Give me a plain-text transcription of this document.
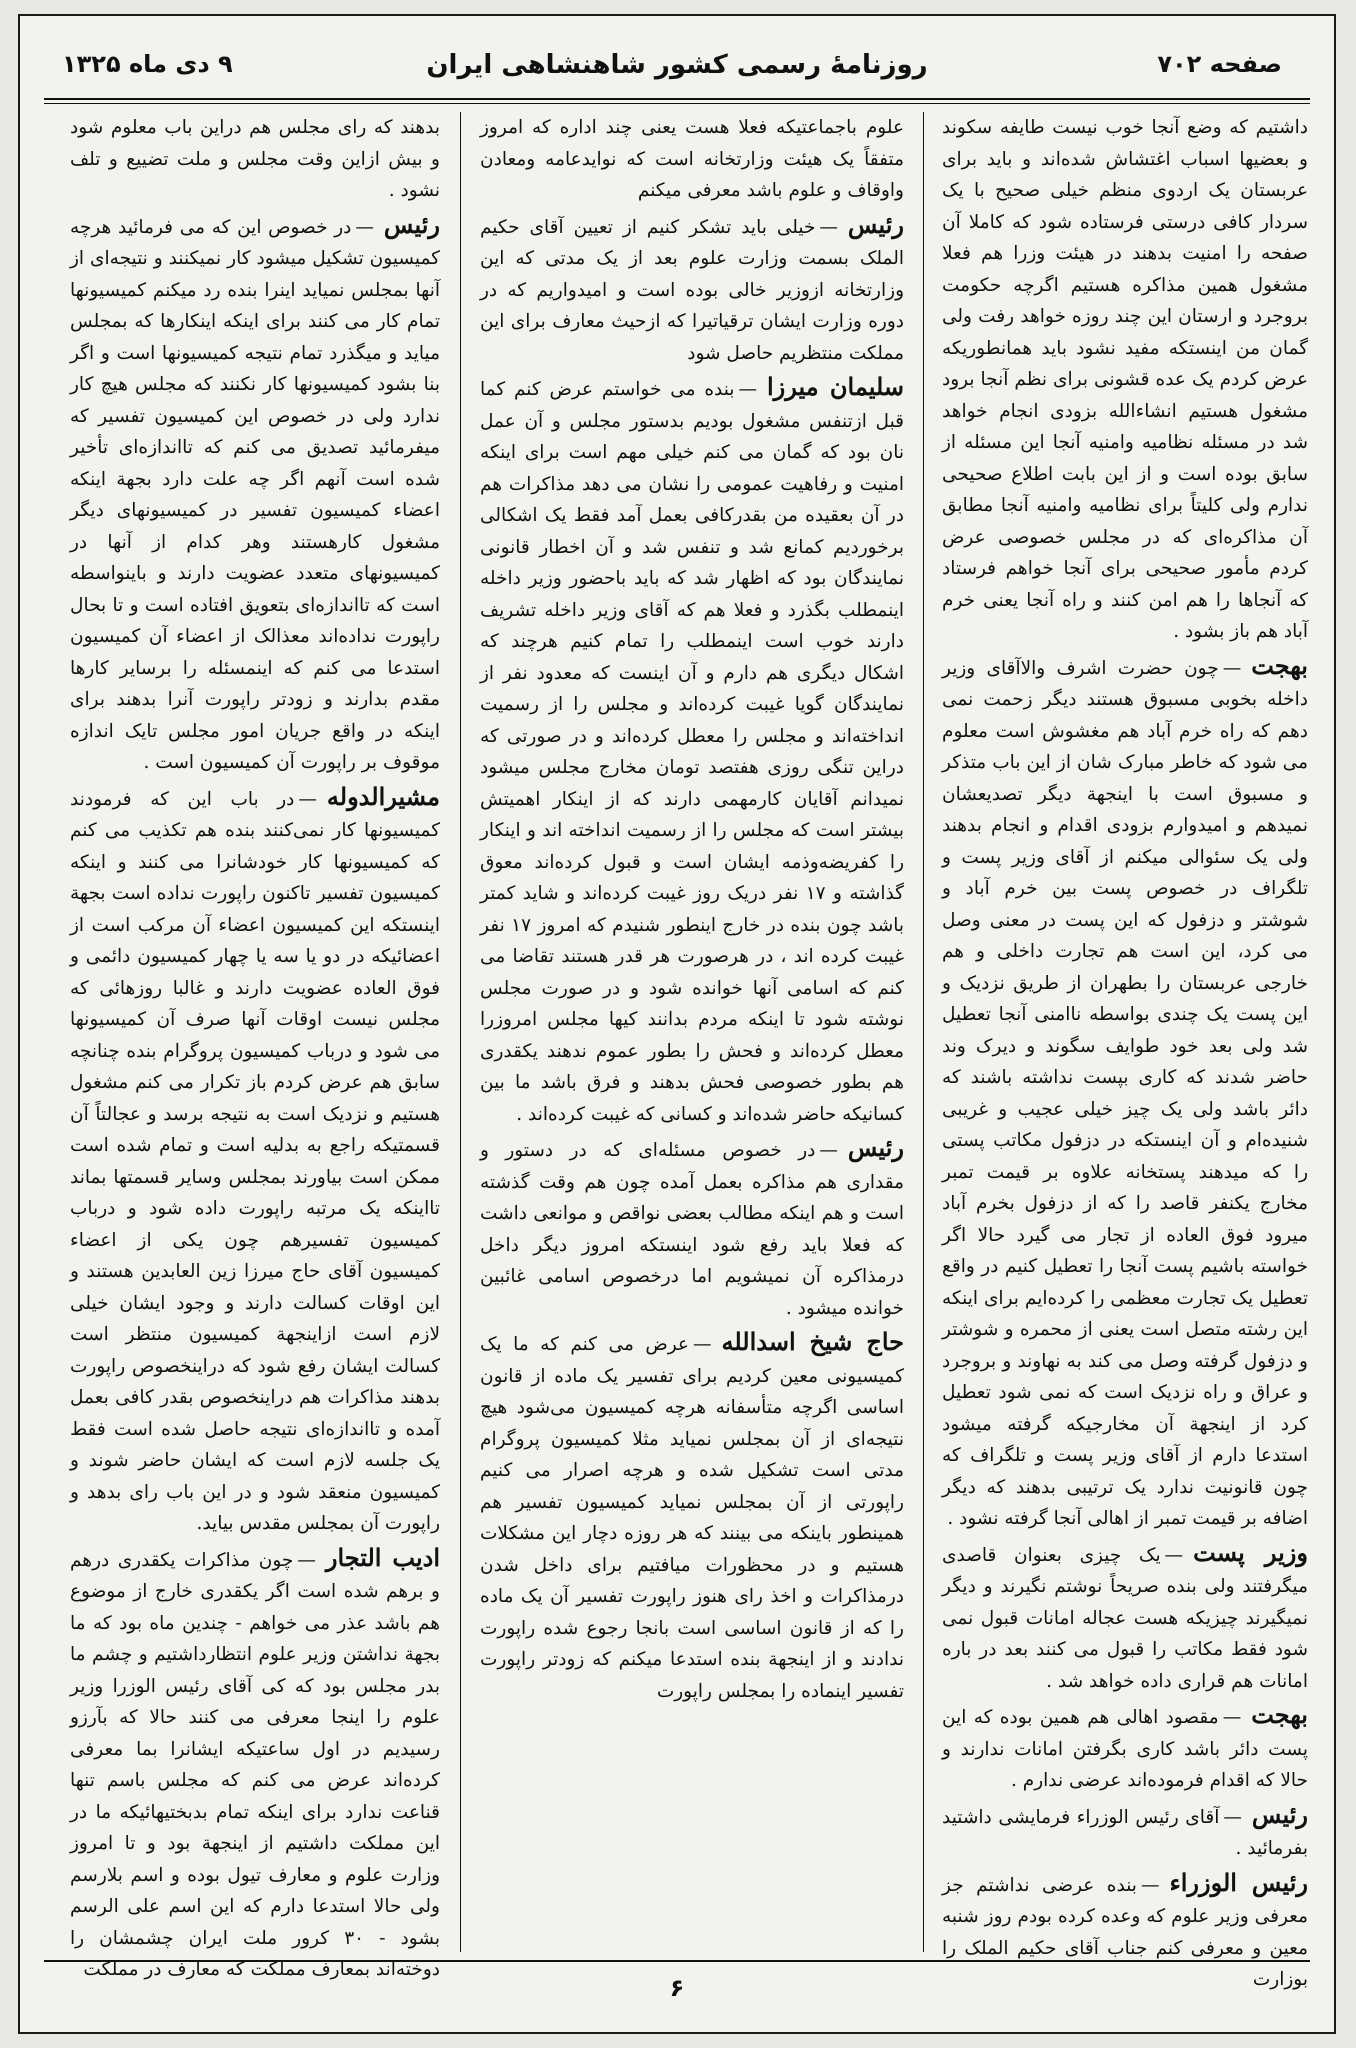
صفحه ۷۰۲
روزنامهٔ رسمی کشور شاهنشاهی ایران
۹ دی ماه ۱۳۲۵

داشتیم که وضع آنجا خوب نیست طایفه سکوند و بعضیها اسباب اغتشاش شده‌اند و باید برای عربستان یک اردوی منظم خیلی صحیح با یک سردار کافی درستی فرستاده شود که کاملا آن صفحه را امنیت بدهند در هیئت وزرا هم فعلا مشغول همین مذاکره هستیم اگرچه حکومت بروجرد و ارستان این چند روزه خواهد رفت ولی گمان من اینستکه مفید نشود باید همانطوریکه عرض کردم یک عده قشونی برای نظم آنجا برود مشغول هستیم انشاءالله بزودی انجام خواهد شد در مسئله نظامیه وامنیه آنجا این مسئله از سابق بوده است و از این بابت اطلاع صحیحی ندارم ولی کلیتاً برای نظامیه وامنیه آنجا مطابق آن مذاکره‌ای که در مجلس خصوصی عرض کردم مأمور صحیحی برای آنجا خواهم فرستاد که آنجاها را هم امن کنند و راه آنجا یعنی خرم آباد هم باز بشود .

بهجت—چون حضرت اشرف والاآقای وزیر داخله بخوبی مسبوق هستند دیگر زحمت نمی دهم که راه خرم آباد هم مغشوش است معلوم می شود که خاطر مبارک شان از این باب متذکر و مسبوق است با اینجهة دیگر تصدیعشان نمیدهم و امیدوارم بزودی اقدام و انجام بدهند ولی یک سئوالی میکنم از آقای وزیر پست و تلگراف در خصوص پست بین خرم آباد و شوشتر و دزفول که این پست در معنی وصل می کرد، این است هم تجارت داخلی و هم خارجی عربستان را بطهران از طریق نزدیک و این پست یک چندی بواسطه ناامنی آنجا تعطیل شد ولی بعد خود طوایف سگوند و دیرک وند حاضر شدند که کاری بپست نداشته باشند که دائر باشد ولی یک چیز خیلی عجیب و غریبی شنیده‌ام و آن اینستکه در دزفول مکاتب پستی را که میدهند پستخانه علاوه بر قیمت تمبر مخارج یکنفر قاصد را که از دزفول بخرم آباد میرود فوق العاده از تجار می گیرد حالا اگر خواسته باشیم پست آنجا را تعطیل کنیم در واقع تعطیل یک تجارت معظمی را کرده‌ایم برای اینکه این رشته متصل است یعنی از محمره و شوشتر و دزفول گرفته وصل می کند به نهاوند و بروجرد و عراق و راه نزدیک است که نمی شود تعطیل کرد از اینجهة آن مخارجیکه گرفته میشود استدعا دارم از آقای وزیر پست و تلگراف که چون قانونیت ندارد یک ترتیبی بدهند که دیگر اضافه بر قیمت تمبر از اهالی آنجا گرفته نشود .

وزیر پست—یک چیزی بعنوان قاصدی میگرفتند ولی بنده صریحاً نوشتم نگیرند و دیگر نمیگیرند چیزیکه هست عجاله امانات قبول نمی شود فقط مکاتب را قبول می کنند بعد در باره امانات هم قراری داده خواهد شد .

بهجت—مقصود اهالی هم همین بوده که این پست دائر باشد کاری بگرفتن امانات ندارند و حالا که اقدام فرموده‌اند عرضی ندارم .

رئیس—آقای رئیس الوزراء فرمایشی داشتید بفرمائید .

رئیس الوزراء—بنده عرضی نداشتم جز معرفی وزیر علوم که وعده کرده بودم روز شنبه معین و معرفی کنم جناب آقای حکیم الملک را بوزارت

علوم باجماعتیکه فعلا هست یعنی چند اداره که امروز متفقاً یک هیئت وزارتخانه است که نوایدعامه ومعادن واوقاف و علوم باشد معرفی میکنم

رئیس—خیلی باید تشکر کنیم از تعیین آقای حکیم الملک بسمت وزارت علوم بعد از یک مدتی که این وزارتخانه ازوزیر خالی بوده است و امیدواریم که در دوره وزارت ایشان ترقیاتیرا که ازحیث معارف برای این مملکت منتظریم حاصل شود

سلیمان میرزا—بنده می خواستم عرض کنم کما قبل ازتنفس مشغول بودیم بدستور مجلس و آن عمل نان بود که گمان می کنم خیلی مهم است برای اینکه امنیت و رفاهیت عمومی را نشان می دهد مذاکرات هم در آن بعقیده من بقدرکافی بعمل آمد فقط یک اشکالی برخوردیم کمانع شد و تنفس شد و آن اخطار قانونی نمایندگان بود که اظهار شد که باید باحضور وزیر داخله اینمطلب بگذرد و فعلا هم که آقای وزیر داخله تشریف دارند خوب است اینمطلب را تمام کنیم هرچند که اشکال دیگری هم دارم و آن اینست که معدود نفر از نمایندگان گویا غیبت کرده‌اند و مجلس را از رسمیت انداخته‌اند و مجلس را معطل کرده‌اند و در صورتی که دراین تنگی روزی هفتصد تومان مخارج مجلس میشود نمیدانم آقایان کارمهمی دارند که از اینکار اهمیتش بیشتر است که مجلس را از رسمیت انداخته اند و اینکار را کفریضه‌وذمه ایشان است و قبول کرده‌اند معوق گذاشته و ۱۷ نفر دریک روز غیبت کرده‌اند و شاید کمتر باشد چون بنده در خارج اینطور شنیدم که امروز ۱۷ نفر غیبت کرده اند ، در هرصورت هر قدر هستند تقاضا می کنم که اسامی آنها خوانده شود و در صورت مجلس نوشته شود تا اینکه مردم بدانند کیها مجلس امروزرا معطل کرده‌اند و فحش را بطور عموم ندهند یکقدری هم بطور خصوصی فحش بدهند و فرق باشد ما بین کسانیکه حاضر شده‌اند و کسانی که غیبت کرده‌اند .

رئیس—در خصوص مسئله‌ای که در دستور و مقداری هم مذاکره بعمل آمده چون هم وقت گذشته است و هم اینکه مطالب بعضی نواقص و موانعی داشت که فعلا باید رفع شود اینستکه امروز دیگر داخل درمذاکره آن نمیشویم اما درخصوص اسامی غائبین خوانده میشود .

حاج شیخ اسدالله—عرض می کنم که ما یک کمیسیونی معین کردیم برای تفسیر یک ماده از قانون اساسی اگرچه متأسفانه هرچه کمیسیون می‌شود هیچ نتیجه‌ای از آن بمجلس نمیاید مثلا کمیسیون پروگرام مدتی است تشکیل شده و هرچه اصرار می کنیم راپورتی از آن بمجلس نمیاید کمیسیون تفسیر هم همینطور باینکه می بینند که هر روزه دچار این مشکلات هستیم و در محظورات میافتیم برای داخل شدن درمذاکرات و اخذ رای هنوز راپورت تفسیر آن یک ماده را که از قانون اساسی است بانجا رجوع شده راپورت ندادند و از اینجهة بنده استدعا میکنم که زودتر راپورت تفسیر اینماده را بمجلس راپورت

بدهند که رای مجلس هم دراین باب معلوم شود و بیش ازاین وقت مجلس و ملت تضییع و تلف نشود .

رئیس—در خصوص این که می فرمائید هرچه کمیسیون تشکیل میشود کار نمیکنند و نتیجه‌ای از آنها بمجلس نمیاید اینرا بنده رد میکنم کمیسیونها تمام کار می کنند برای اینکه اینکارها که بمجلس میاید و میگذرد تمام نتیجه کمیسیونها است و اگر بنا بشود کمیسیونها کار نکنند که مجلس هیچ کار ندارد ولی در خصوص این کمیسیون تفسیر که میفرمائید تصدیق می کنم که تااندازه‌ای تأخیر شده است آنهم اگر چه علت دارد بجهة اینکه اعضاء کمیسیون تفسیر در کمیسیونهای دیگر مشغول کارهستند وهر کدام از آنها در کمیسیونهای متعدد عضویت دارند و باینواسطه است که تااندازه‌ای بتعویق افتاده است و تا بحال راپورت نداده‌اند معذالک از اعضاء آن کمیسیون استدعا می کنم که اینمسئله را برسایر کارها مقدم بدارند و زودتر راپورت آنرا بدهند برای اینکه در واقع جریان امور مجلس تایک اندازه موقوف بر راپورت آن کمیسیون است .

مشیرالدوله—در باب این که فرمودند کمیسیونها کار نمی‌کنند بنده هم تکذیب می کنم که کمیسیونها کار خودشانرا می کنند و اینکه کمیسیون تفسیر تاکنون راپورت نداده است بجهة اینستکه این کمیسیون اعضاء آن مرکب است از اعضائیکه در دو یا سه یا چهار کمیسیون دائمی و فوق العاده عضویت دارند و غالبا روزهائی که مجلس نیست اوقات آنها صرف آن کمیسیونها می شود و درباب کمیسیون پروگرام بنده چنانچه سابق هم عرض کردم باز تکرار می کنم مشغول هستیم و نزدیک است به نتیجه برسد و عجالتاً آن قسمتیکه راجع به بدلیه است و تمام شده است ممکن است بیاورند بمجلس وسایر قسمتها بماند تااینکه یک مرتبه راپورت داده شود و درباب کمیسیون تفسیرهم چون یکی از اعضاء کمیسیون آقای حاج میرزا زین العابدین هستند و این اوقات کسالت دارند و وجود ایشان خیلی لازم است ازاینجهة کمیسیون منتظر است کسالت ایشان رفع شود که دراینخصوص راپورت بدهند مذاکرات هم دراینخصوص بقدر کافی بعمل آمده و تااندازه‌ای نتیجه حاصل شده است فقط یک جلسه لازم است که ایشان حاضر شوند و کمیسیون منعقد شود و در این باب رای بدهد و راپورت آن بمجلس مقدس بیاید.

ادیب التجار—چون مذاکرات یکقدری درهم و برهم شده است اگر یکقدری خارج از موضوع هم باشد عذر می خواهم - چندین ماه بود که ما بجهة نداشتن وزیر علوم انتظارداشتیم و چشم ما بدر مجلس بود که کی آقای رئیس الوزرا وزیر علوم را اینجا معرفی می کنند حالا که بآرزو رسیدیم در اول ساعتیکه ایشانرا بما معرفی کرده‌اند عرض می کنم که مجلس باسم تنها قناعت ندارد برای اینکه تمام بدبختیهائیکه ما در این مملکت داشتیم از اینجهة بود و تا امروز وزارت علوم و معارف تیول بوده و اسم بلارسم ولی حالا استدعا دارم که این اسم علی الرسم بشود - ۳۰ کرور ملت ایران چشمشان را دوخته‌اند بمعارف مملکت که معارف در مملکت

۶
